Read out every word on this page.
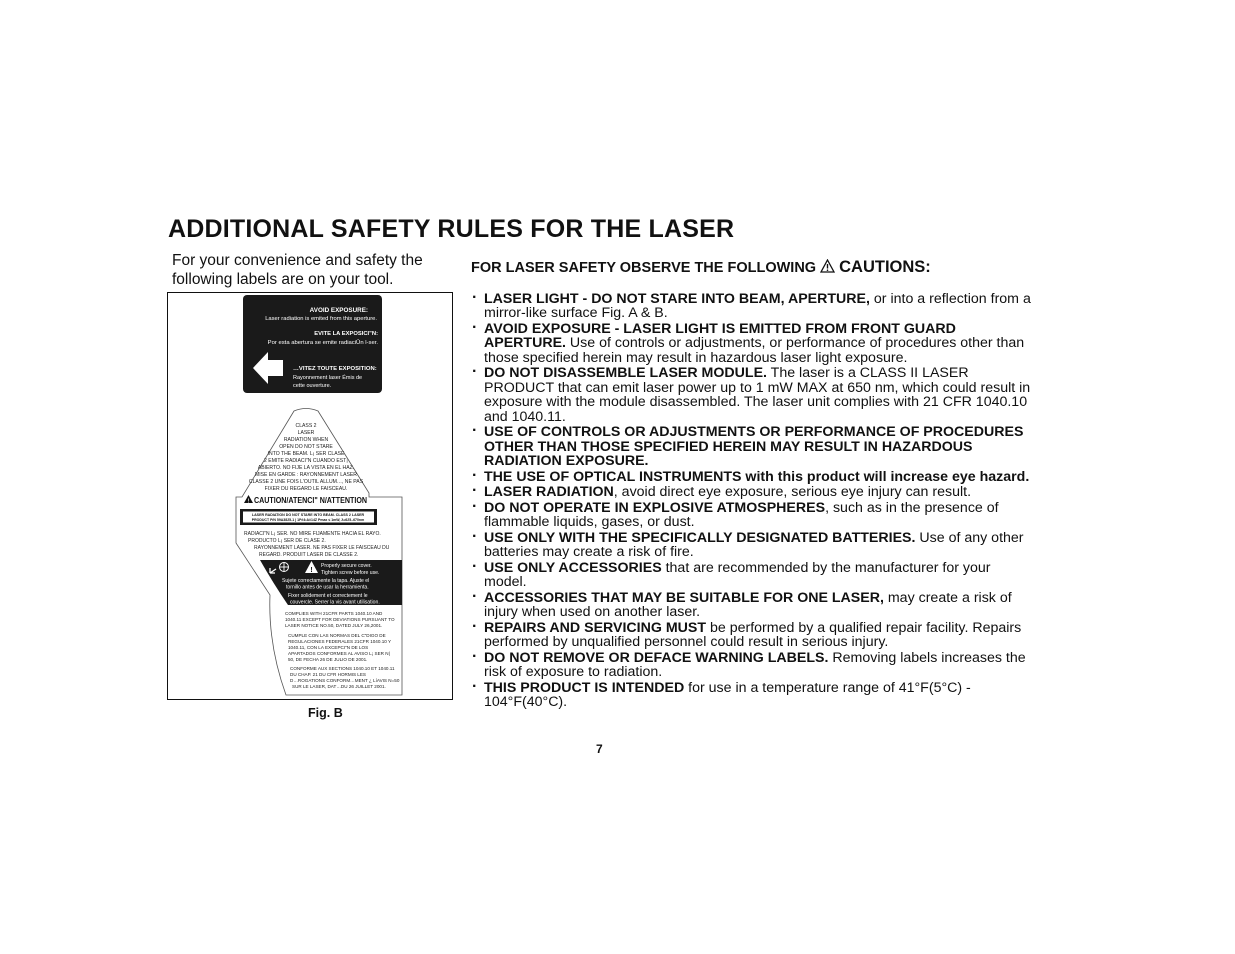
ADDITIONAL SAFETY RULES FOR THE LASER
For your convenience and safety the following labels are on your tool.
AVOID EXPOSURE:
Laser radiation is emited from this aperture.
EVITE LA EXPOSICI"N:
Por esta abertura se emite radiaciÛn l-ser.
…VITEZ TOUTE EXPOSITION:
Rayonnement laser Émis de
cette ouverture.
CLASS 2
LASER
RADIATION WHEN
OPEN DO NOT STARE
INTO THE BEAM. L¡ SER CLASE
2 EMITE RADIACI"N CUANDO EST¡
ABIERTO. NO FIJE LA VISTA EN EL HAZ.
MISE EN GARDE : RAYONNEMENT LASER
CLASSE 2 UNE FOIS L'OUTIL ALLUM…, NE PAS
FIXER DU REGARD LE FAISCEAU.
! CAUTION/ATENCI" N/ATTENTION
LASER RADIATION DO NOT STARE INTO BEAM. CLASS 2 LASER
PRODUCT P/N 59A3825-1 | 1P#4•A#14Z Pmax ≤ 1mW, λ=625–670nm
RADIACI"N L¡ SER. NO MIRE FIJAMENTE HACIA EL RAYO.
PRODUCTO L¡ SER DE CLASE 2.
RAYONNEMENT LASER. NE PAS FIXER LE FAISCEAU DU
REGARD. PRODUIT LASER DE CLASSE 2.
!
Properly secure cover.
Tighten screw before use.
Sujete correctamente la tapa. Ajuste el
tornillo antes de usar la herramienta.
Fixer solidement et correctement le
couvercle. Serrer la vis avant utilisation.
COMPLIES WITH 21CFR PARTS 1040.10 AND
1040.11 EXCEPT FOR DEVIATIONS PURSUANT TO
LASER NOTICE NO.50, DATED JULY 26,2001.
CUMPLE CON LAS NORMAS DEL C"DIGO DE
REGULACIONES FEDERALES 21CFR 1040.10 Y
1040.11, CON LA EXCEPCI"N DE LOS
APARTADOS CONFORMES AL AVISO L¡ SER N|
50, DE FECHA 26 DE JULIO DE 2001.
CONFORME AUX SECTIONS 1040.10 ET 1040.11
DU CHAP. 21 DU CFR HORMIS LES
D…ROGATIONS CONFORM…MENT ¿ LíAVIS N=50
SUR LE LASER, DAT…DU 26 JUILLET 2001.
Fig. B
FOR LASER SAFETY OBSERVE THE FOLLOWING CAUTIONS:
· LASER LIGHT - DO NOT STARE INTO BEAM, APERTURE, or into a reflection from a mirror-like surface Fig. A & B.
· AVOID EXPOSURE - LASER LIGHT IS EMITTED FROM FRONT GUARD APERTURE. Use of controls or adjustments, or performance of procedures other than those specified herein may result in hazardous laser light exposure.
· DO NOT DISASSEMBLE LASER MODULE. The laser is a CLASS II LASER PRODUCT that can emit laser power up to 1 mW MAX at 650 nm, which could result in exposure with the module disassembled. The laser unit complies with 21 CFR 1040.10 and 1040.11.
· USE OF CONTROLS OR ADJUSTMENTS OR PERFORMANCE OF PROCEDURES OTHER THAN THOSE SPECIFIED HEREIN MAY RESULT IN HAZARDOUS RADIATION EXPOSURE.
· THE USE OF OPTICAL INSTRUMENTS with this product will increase eye hazard.
· LASER RADIATION, avoid direct eye exposure, serious eye injury can result.
· DO NOT OPERATE IN EXPLOSIVE ATMOSPHERES, such as in the presence of flammable liquids, gases, or dust.
· USE ONLY WITH THE SPECIFICALLY DESIGNATED BATTERIES. Use of any other batteries may create a risk of fire.
· USE ONLY ACCESSORIES that are recommended by the manufacturer for your model.
· ACCESSORIES THAT MAY BE SUITABLE FOR ONE LASER, may create a risk of injury when used on another laser.
· REPAIRS AND SERVICING MUST be performed by a qualified repair facility. Repairs performed by unqualified personnel could result in serious injury.
· DO NOT REMOVE OR DEFACE WARNING LABELS. Removing labels increases the risk of exposure to radiation.
· THIS PRODUCT IS INTENDED for use in a temperature range of 41°F(5°C) - 104°F(40°C).
7
